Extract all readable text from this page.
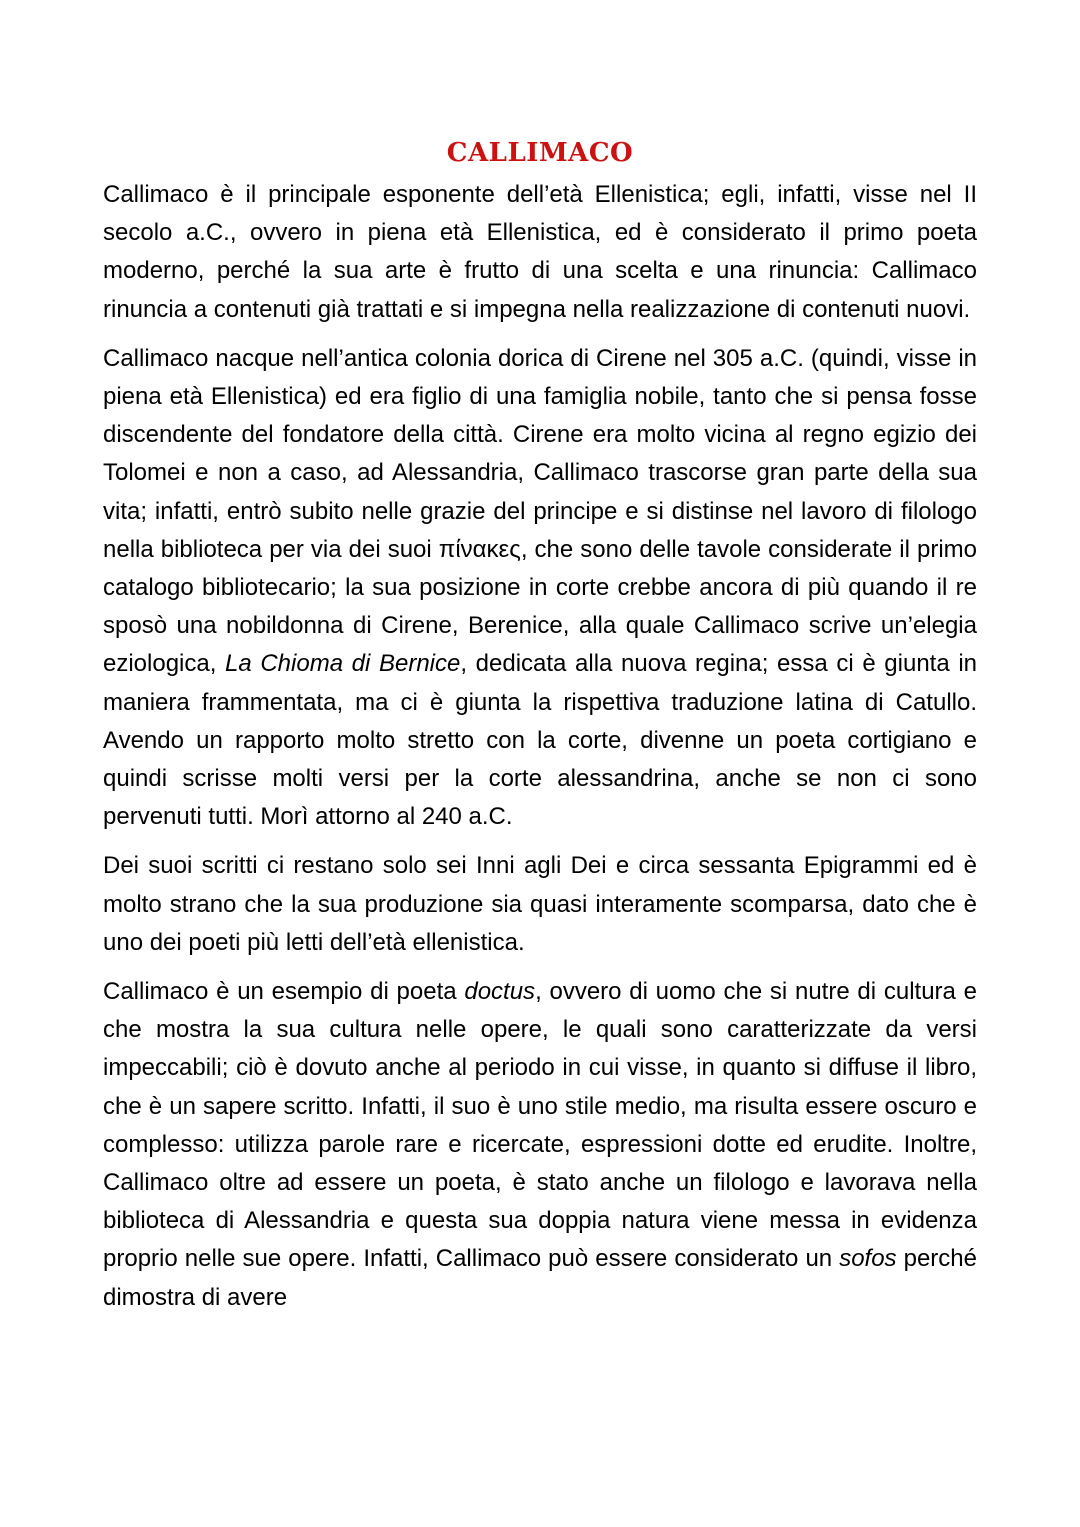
CALLIMACO

Callimaco è il principale esponente dell’età Ellenistica; egli, infatti, visse nel II secolo a.C., ovvero in piena età Ellenistica, ed è considerato il primo poeta moderno, perché la sua arte è frutto di una scelta e una rinuncia: Callimaco rinuncia a contenuti già trattati e si impegna nella realizzazione di contenuti nuovi.

Callimaco nacque nell’antica colonia dorica di Cirene nel 305 a.C. (quindi, visse in piena età Ellenistica) ed era figlio di una famiglia nobile, tanto che si pensa fosse discendente del fondatore della città. Cirene era molto vicina al regno egizio dei Tolomei e non a caso, ad Alessandria, Callimaco trascorse gran parte della sua vita; infatti, entrò subito nelle grazie del principe e si distinse nel lavoro di filologo nella biblioteca per via dei suoi πίνακες, che sono delle tavole considerate il primo catalogo bibliotecario; la sua posizione in corte crebbe ancora di più quando il re sposò una nobildonna di Cirene, Berenice, alla quale Callimaco scrive un’elegia eziologica, La Chioma di Bernice, dedicata alla nuova regina; essa ci è giunta in maniera frammentata, ma ci è giunta la rispettiva traduzione latina di Catullo. Avendo un rapporto molto stretto con la corte, divenne un poeta cortigiano e quindi scrisse molti versi per la corte alessandrina, anche se non ci sono pervenuti tutti. Morì attorno al 240 a.C.

Dei suoi scritti ci restano solo sei Inni agli Dei e circa sessanta Epigrammi ed è molto strano che la sua produzione sia quasi interamente scomparsa, dato che è uno dei poeti più letti dell’età ellenistica.

Callimaco è un esempio di poeta doctus, ovvero di uomo che si nutre di cultura e che mostra la sua cultura nelle opere, le quali sono caratterizzate da versi impeccabili; ciò è dovuto anche al periodo in cui visse, in quanto si diffuse il libro, che è un sapere scritto. Infatti, il suo è uno stile medio, ma risulta essere oscuro e complesso: utilizza parole rare e ricercate, espressioni dotte ed erudite. Inoltre, Callimaco oltre ad essere un poeta, è stato anche un filologo e lavorava nella biblioteca di Alessandria e questa sua doppia natura viene messa in evidenza proprio nelle sue opere. Infatti, Callimaco può essere considerato un sofos perché dimostra di avere
